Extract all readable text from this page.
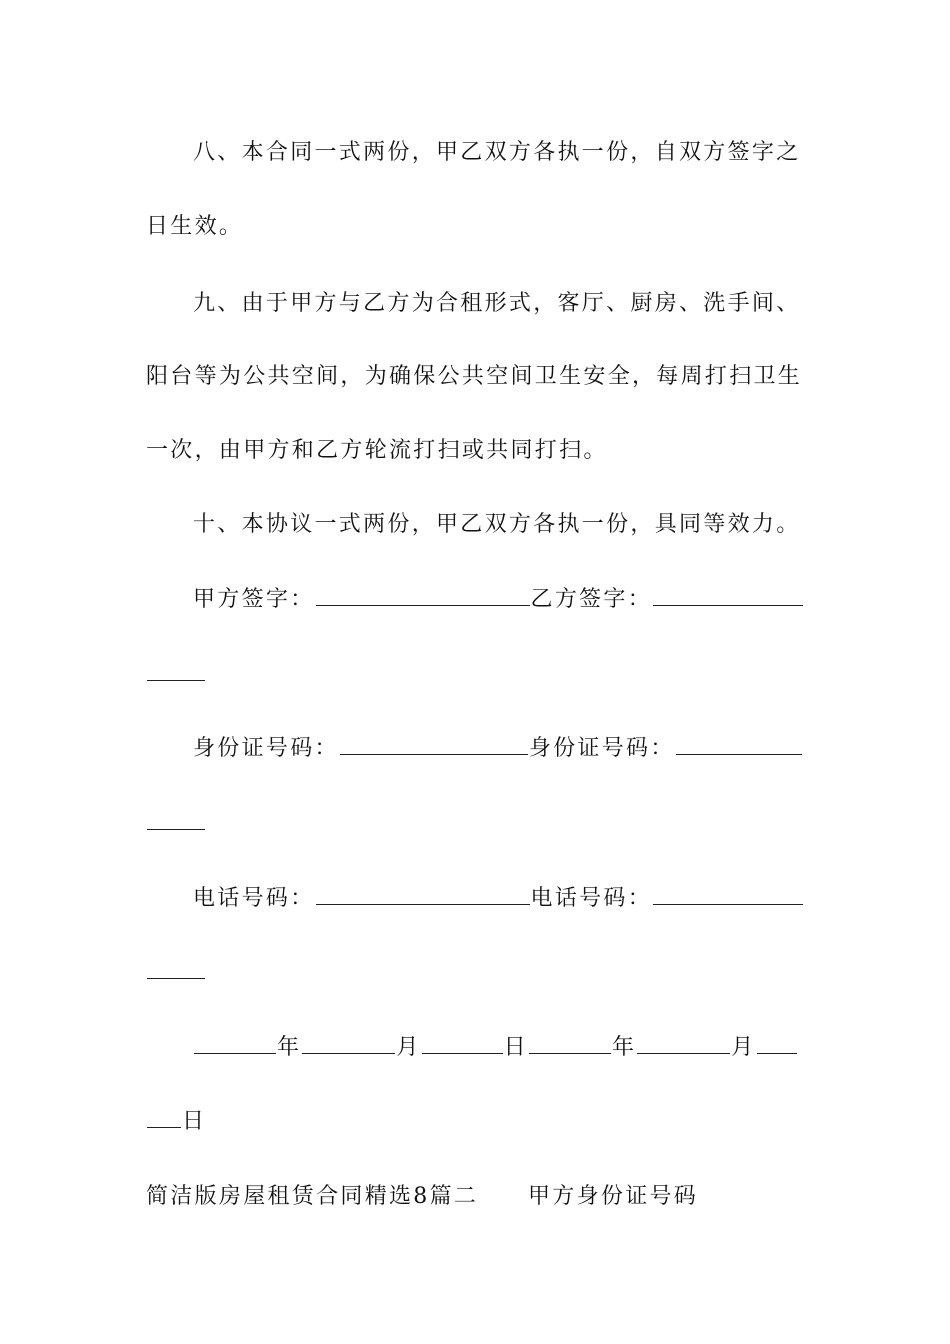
八、本合同一式两份，甲乙双方各执一份，自双方签字之
日生效。
九、由于甲方与乙方为合租形式，客厅、厨房、洗手间、
阳台等为公共空间，为确保公共空间卫生安全，每周打扫卫生
一次，由甲方和乙方轮流打扫或共同打扫。
十、本协议一式两份，甲乙双方各执一份，具同等效力。
甲方签字：	乙方签字：
身份证号码：	身份证号码：
电话号码：	电话号码：
年	月	日	年	月
日
简洁版房屋租赁合同精选8篇二 甲方身份证号码
